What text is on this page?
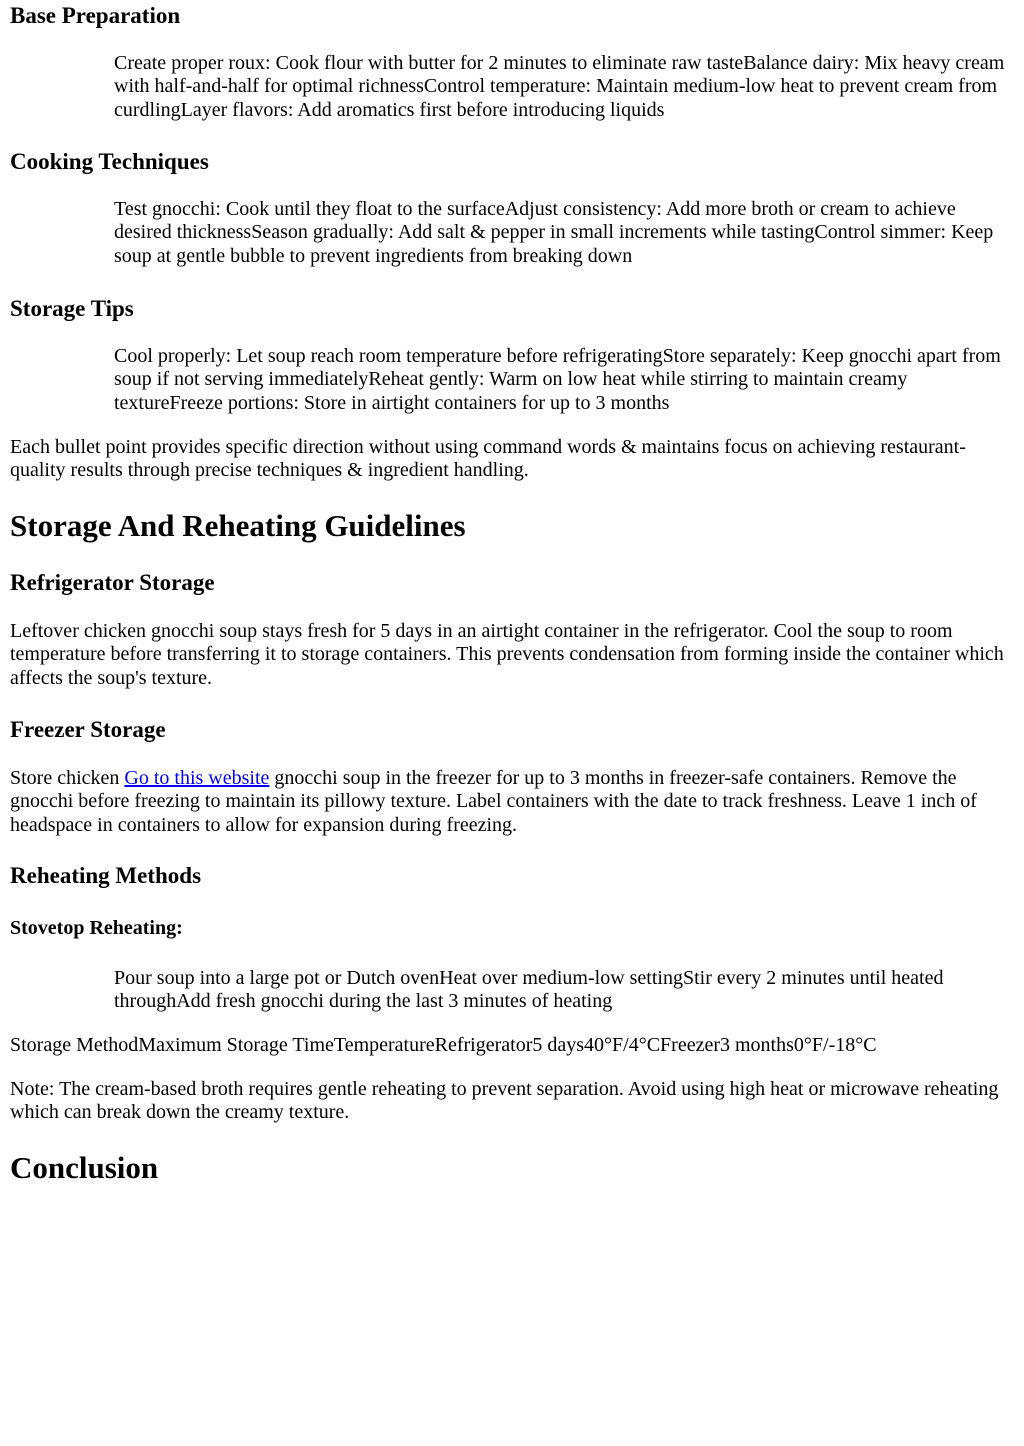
Base Preparation

Create proper roux: Cook flour with butter for 2 minutes to eliminate raw tasteBalance dairy: Mix heavy cream with half-and-half for optimal richnessControl temperature: Maintain medium-low heat to prevent cream from curdlingLayer flavors: Add aromatics first before introducing liquids

Cooking Techniques

Test gnocchi: Cook until they float to the surfaceAdjust consistency: Add more broth or cream to achieve desired thicknessSeason gradually: Add salt & pepper in small increments while tastingControl simmer: Keep soup at gentle bubble to prevent ingredients from breaking down

Storage Tips

Cool properly: Let soup reach room temperature before refrigeratingStore separately: Keep gnocchi apart from soup if not serving immediatelyReheat gently: Warm on low heat while stirring to maintain creamy textureFreeze portions: Store in airtight containers for up to 3 months

Each bullet point provides specific direction without using command words & maintains focus on achieving restaurant-quality results through precise techniques & ingredient handling.

Storage And Reheating Guidelines
Refrigerator Storage

Leftover chicken gnocchi soup stays fresh for 5 days in an airtight container in the refrigerator. Cool the soup to room temperature before transferring it to storage containers. This prevents condensation from forming inside the container which affects the soup's texture.

Freezer Storage

Store chicken Go to this website gnocchi soup in the freezer for up to 3 months in freezer-safe containers. Remove the gnocchi before freezing to maintain its pillowy texture. Label containers with the date to track freshness. Leave 1 inch of headspace in containers to allow for expansion during freezing.

Reheating Methods
Stovetop Reheating:

Pour soup into a large pot or Dutch ovenHeat over medium-low settingStir every 2 minutes until heated throughAdd fresh gnocchi during the last 3 minutes of heating

Storage MethodMaximum Storage TimeTemperatureRefrigerator5 days40°F/4°CFreezer3 months0°F/-18°C

Note: The cream-based broth requires gentle reheating to prevent separation. Avoid using high heat or microwave reheating which can break down the creamy texture.

Conclusion
